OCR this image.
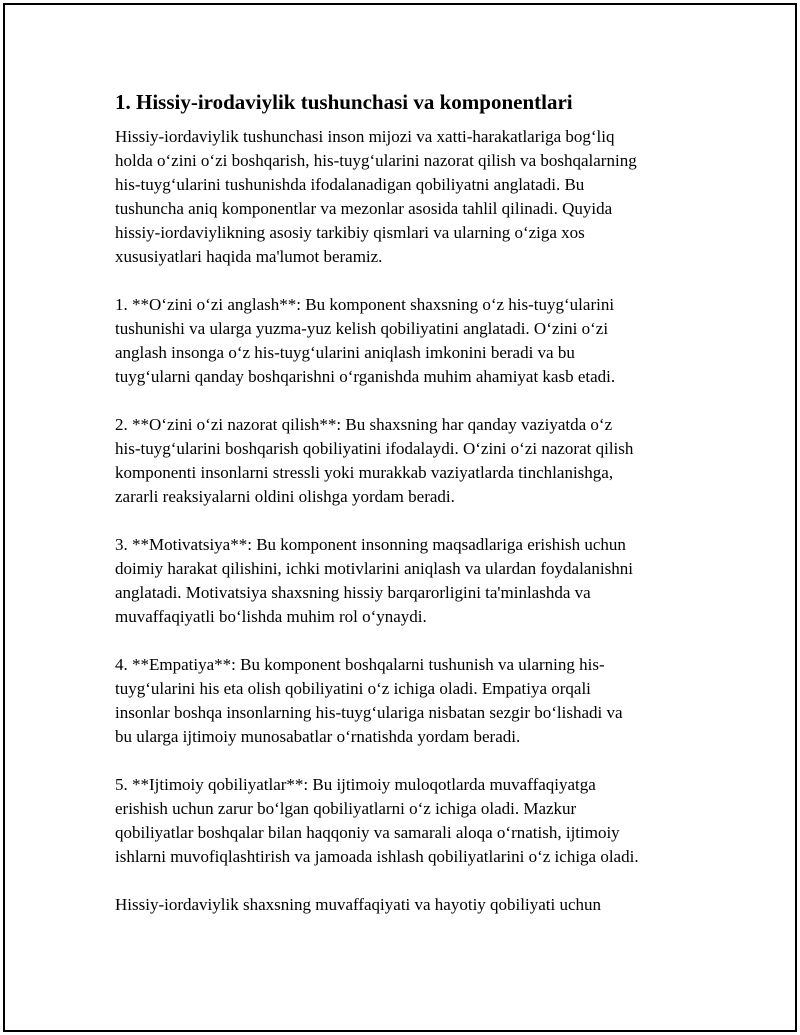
1. Hissiy-irodaviylik tushunchasi va komponentlari

Hissiy-iordaviylik tushunchasi inson mijozi va xatti-harakatlariga bog‘liq
holda o‘zini o‘zi boshqarish, his-tuyg‘ularini nazorat qilish va boshqalarning
his-tuyg‘ularini tushunishda ifodalanadigan qobiliyatni anglatadi. Bu
tushuncha aniq komponentlar va mezonlar asosida tahlil qilinadi. Quyida
hissiy-iordaviylikning asosiy tarkibiy qismlari va ularning o‘ziga xos
xususiyatlari haqida ma'lumot beramiz.

1. **O‘zini o‘zi anglash**: Bu komponent shaxsning o‘z his-tuyg‘ularini
tushunishi va ularga yuzma-yuz kelish qobiliyatini anglatadi. O‘zini o‘zi
anglash insonga o‘z his-tuyg‘ularini aniqlash imkonini beradi va bu
tuyg‘ularni qanday boshqarishni o‘rganishda muhim ahamiyat kasb etadi.

2. **O‘zini o‘zi nazorat qilish**: Bu shaxsning har qanday vaziyatda o‘z
his-tuyg‘ularini boshqarish qobiliyatini ifodalaydi. O‘zini o‘zi nazorat qilish
komponenti insonlarni stressli yoki murakkab vaziyatlarda tinchlanishga,
zararli reaksiyalarni oldini olishga yordam beradi.

3. **Motivatsiya**: Bu komponent insonning maqsadlariga erishish uchun
doimiy harakat qilishini, ichki motivlarini aniqlash va ulardan foydalanishni
anglatadi. Motivatsiya shaxsning hissiy barqarorligini ta'minlashda va
muvaffaqiyatli bo‘lishda muhim rol o‘ynaydi.

4. **Empatiya**: Bu komponent boshqalarni tushunish va ularning his-
tuyg‘ularini his eta olish qobiliyatini o‘z ichiga oladi. Empatiya orqali
insonlar boshqa insonlarning his-tuyg‘ulariga nisbatan sezgir bo‘lishadi va
bu ularga ijtimoiy munosabatlar o‘rnatishda yordam beradi.

5. **Ijtimoiy qobiliyatlar**: Bu ijtimoiy muloqotlarda muvaffaqiyatga
erishish uchun zarur bo‘lgan qobiliyatlarni o‘z ichiga oladi. Mazkur
qobiliyatlar boshqalar bilan haqqoniy va samarali aloqa o‘rnatish, ijtimoiy
ishlarni muvofiqlashtirish va jamoada ishlash qobiliyatlarini o‘z ichiga oladi.

Hissiy-iordaviylik shaxsning muvaffaqiyati va hayotiy qobiliyati uchun
